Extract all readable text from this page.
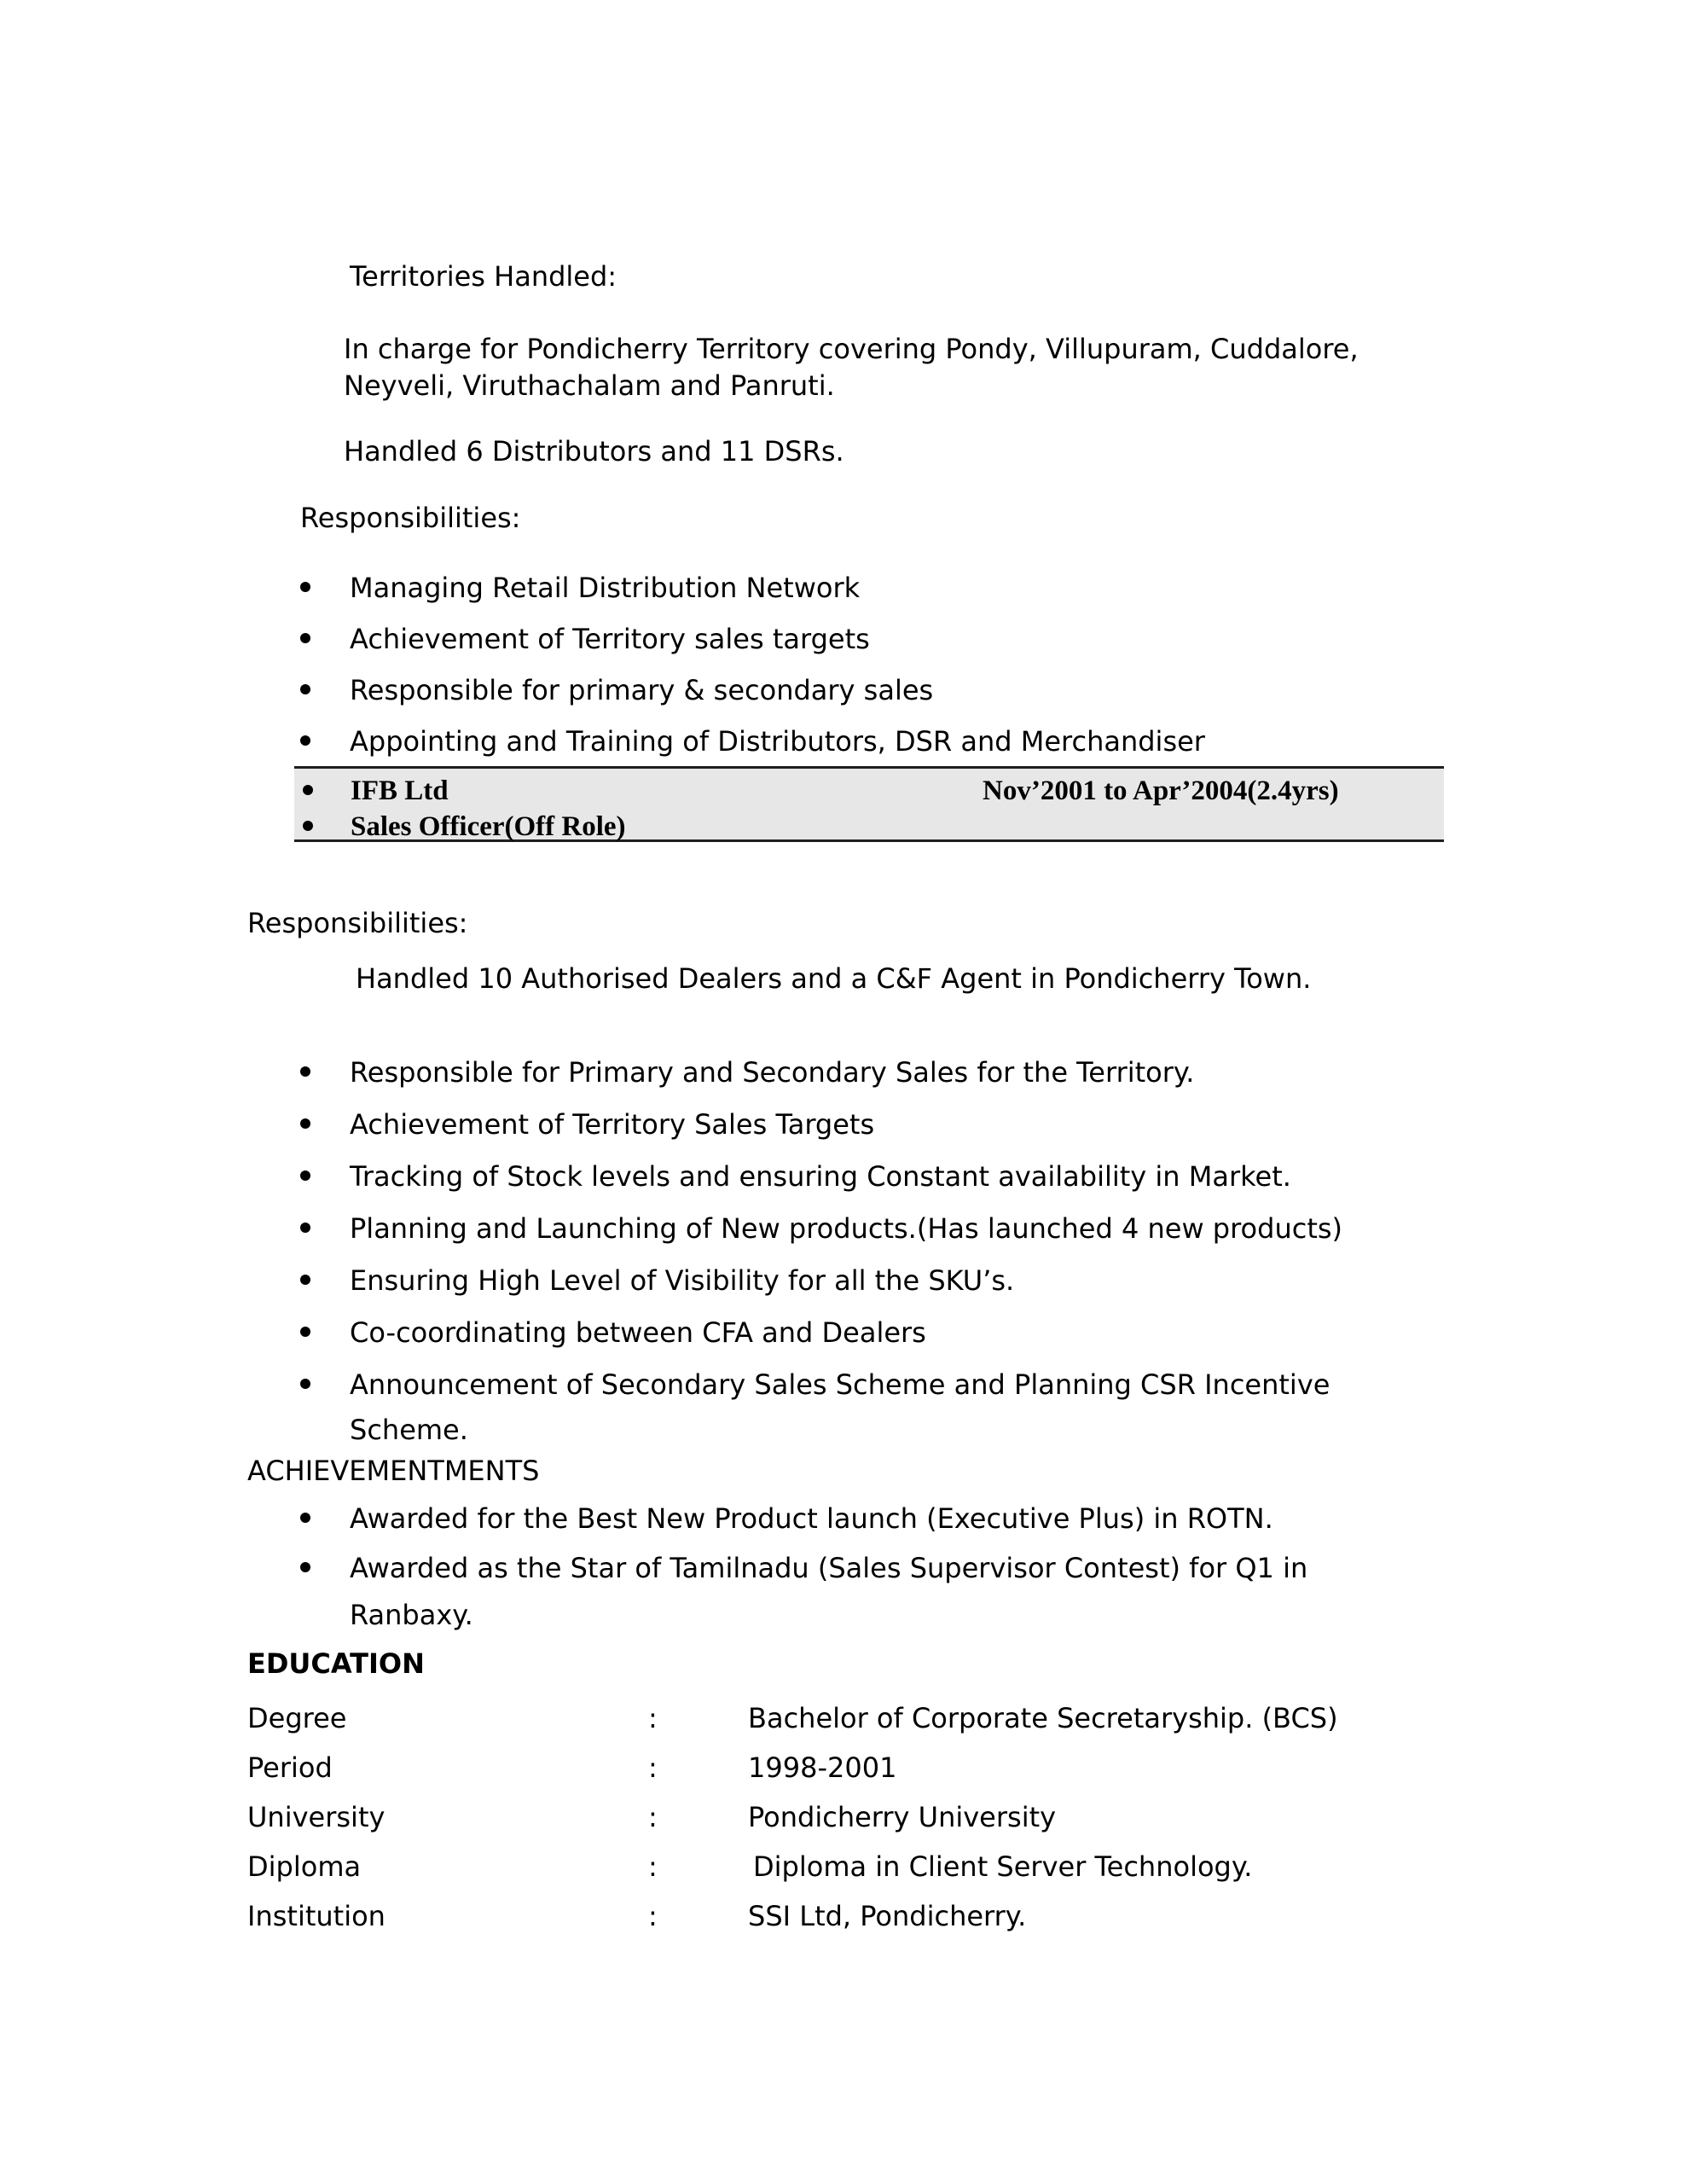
Territories Handled:
In charge for Pondicherry Territory covering Pondy, Villupuram, Cuddalore,
Neyveli, Viruthachalam and Panruti.
Handled 6 Distributors and 11 DSRs.
Responsibilities:
Managing Retail Distribution Network
Achievement of Territory sales targets
Responsible for primary & secondary sales
Appointing and Training of Distributors, DSR and Merchandiser
IFB Ltd	Nov’2001 to Apr’2004(2.4yrs)
Sales Officer(Off Role)
Responsibilities:
Handled 10 Authorised Dealers and a C&F Agent in Pondicherry Town.
Responsible for Primary and Secondary Sales for the Territory.
Achievement of Territory Sales Targets
Tracking of Stock levels and ensuring Constant availability in Market.
Planning and Launching of New products.(Has launched 4 new products)
Ensuring High Level of Visibility for all the SKU’s.
Co-coordinating between CFA and Dealers
Announcement of Secondary Sales Scheme and Planning CSR Incentive
Scheme.
ACHIEVEMENTMENTS
Awarded for the Best New Product launch (Executive Plus) in ROTN.
Awarded as the Star of Tamilnadu (Sales Supervisor Contest) for Q1 in
Ranbaxy.
EDUCATION
Degree	:	Bachelor of Corporate Secretaryship. (BCS)
Period	:	1998-2001
University	:	Pondicherry University
Diploma	:	Diploma in Client Server Technology.
Institution	:	SSI Ltd, Pondicherry.
